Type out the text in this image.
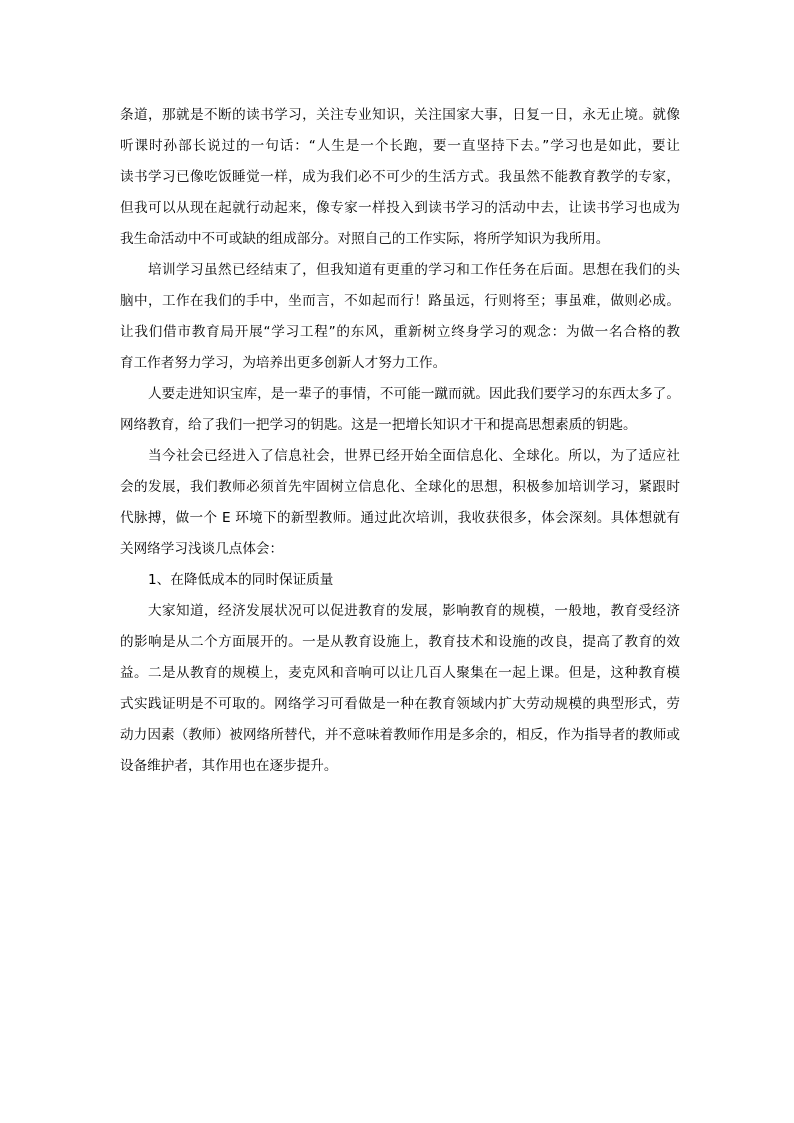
条道，那就是不断的读书学习，关注专业知识，关注国家大事，日复一日，永无止境。就像
听课时孙部长说过的一句话：“人生是一个长跑，要一直坚持下去。”学习也是如此，要让
读书学习已像吃饭睡觉一样，成为我们必不可少的生活方式。我虽然不能教育教学的专家，
但我可以从现在起就行动起来，像专家一样投入到读书学习的活动中去，让读书学习也成为
我生命活动中不可或缺的组成部分。对照自己的工作实际，将所学知识为我所用。
培训学习虽然已经结束了，但我知道有更重的学习和工作任务在后面。思想在我们的头
脑中，工作在我们的手中，坐而言，不如起而行！路虽远，行则将至；事虽难，做则必成。
让我们借市教育局开展“学习工程”的东风，重新树立终身学习的观念：为做一名合格的教
育工作者努力学习，为培养出更多创新人才努力工作。
人要走进知识宝库，是一辈子的事情，不可能一蹴而就。因此我们要学习的东西太多了。
网络教育，给了我们一把学习的钥匙。这是一把增长知识才干和提高思想素质的钥匙。
当今社会已经进入了信息社会，世界已经开始全面信息化、全球化。所以，为了适应社
会的发展，我们教师必须首先牢固树立信息化、全球化的思想，积极参加培训学习，紧跟时
代脉搏，做一个 E 环境下的新型教师。通过此次培训，我收获很多，体会深刻。具体想就有
关网络学习浅谈几点体会：
1、在降低成本的同时保证质量
大家知道，经济发展状况可以促进教育的发展，影响教育的规模，一般地，教育受经济
的影响是从二个方面展开的。一是从教育设施上，教育技术和设施的改良，提高了教育的效
益。二是从教育的规模上，麦克风和音响可以让几百人聚集在一起上课。但是，这种教育模
式实践证明是不可取的。网络学习可看做是一种在教育领域内扩大劳动规模的典型形式，劳
动力因素（教师）被网络所替代，并不意味着教师作用是多余的，相反，作为指导者的教师或
设备维护者，其作用也在逐步提升。
